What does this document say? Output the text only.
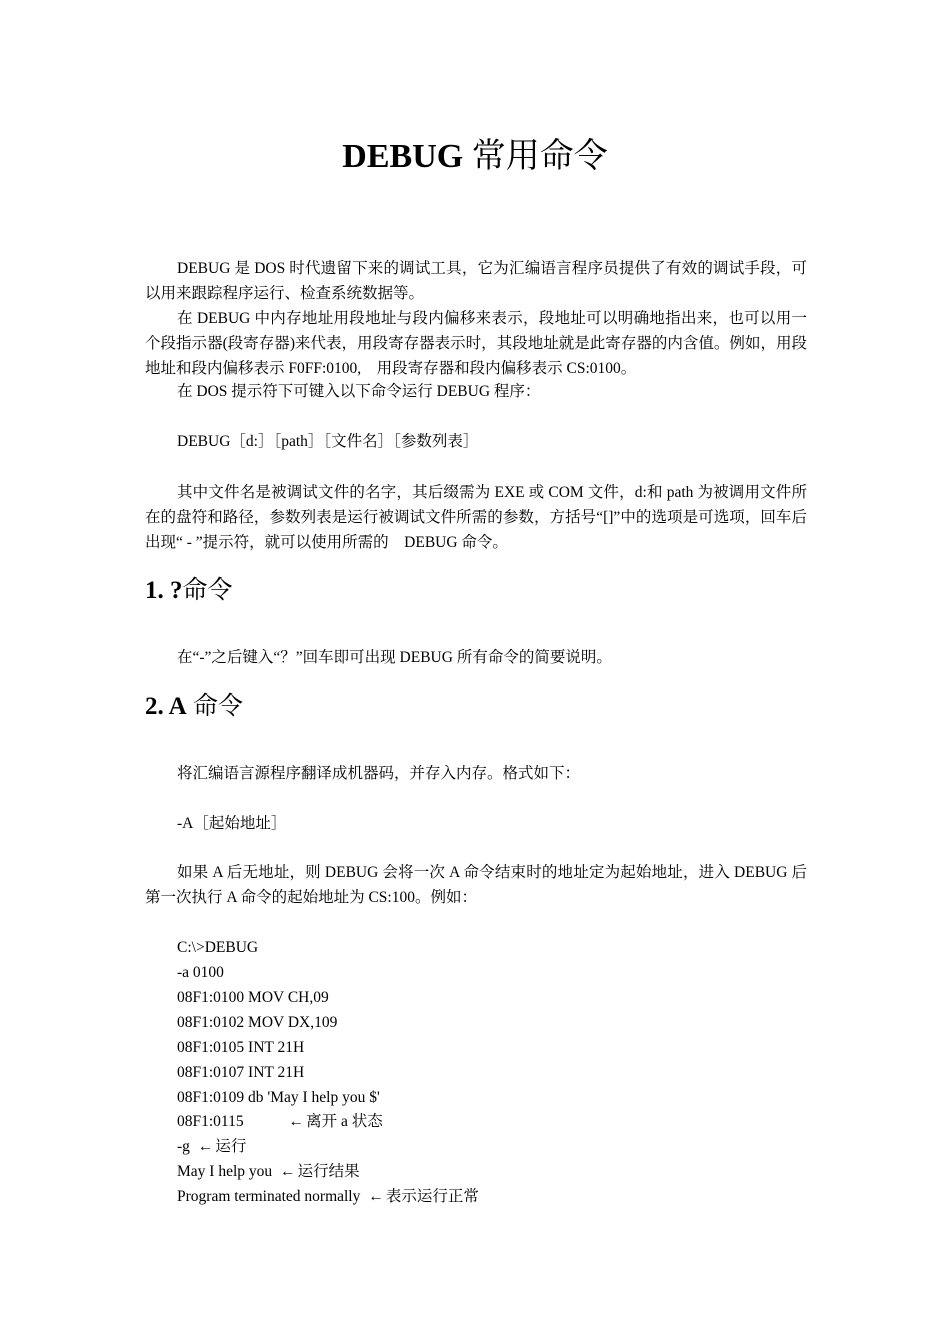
DEBUG 常用命令

DEBUG 是 DOS 时代遗留下来的调试工具，它为汇编语言程序员提供了有效的调试手段，可以用来跟踪程序运行、检查系统数据等。

在 DEBUG 中内存地址用段地址与段内偏移来表示，段地址可以明确地指出来，也可以用一个段指示器(段寄存器)来代表，用段寄存器表示时，其段地址就是此寄存器的内含值。例如，用段地址和段内偏移表示 F0FF:0100,　用段寄存器和段内偏移表示 CS:0100。

在 DOS 提示符下可键入以下命令运行 DEBUG 程序：

DEBUG［d:］［path］［文件名］［参数列表］

其中文件名是被调试文件的名字，其后缀需为 EXE 或 COM 文件，d:和 path 为被调用文件所在的盘符和路径，参数列表是运行被调试文件所需的参数，方括号“[]”中的选项是可选项，回车后出现“ - ”提示符，就可以使用所需的　DEBUG 命令。

1. ?命令

在“-”之后键入“？”回车即可出现 DEBUG 所有命令的简要说明。

2. A 命令

将汇编语言源程序翻译成机器码，并存入内存。格式如下：

-A［起始地址］

如果 A 后无地址，则 DEBUG 会将一次 A 命令结束时的地址定为起始地址，进入 DEBUG 后第一次执行 A 命令的起始地址为 CS:100。例如：

C:\>DEBUG

-a 0100

08F1:0100 MOV CH,09

08F1:0102 MOV DX,109

08F1:0105 INT 21H

08F1:0107 INT 21H

08F1:0109 db 'May I help you $'

08F1:0115　　← 离开 a 状态

-g ← 运行

May I help you ← 运行结果

Program terminated normally ← 表示运行正常
